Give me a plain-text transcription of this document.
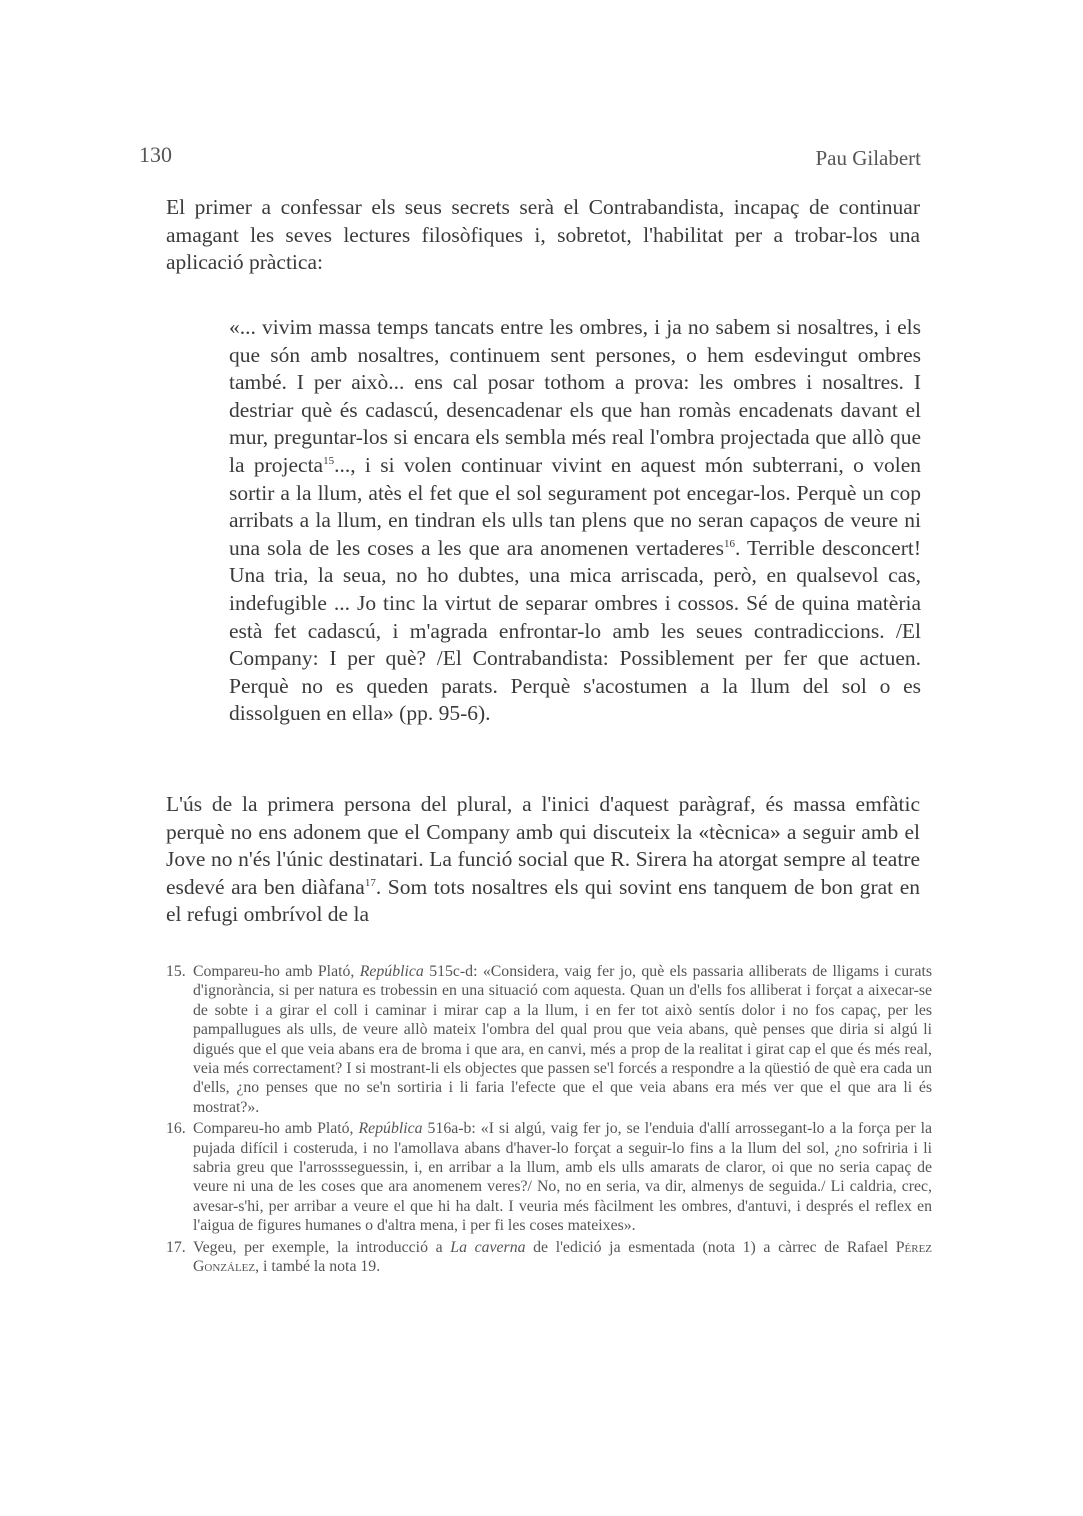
130	Pau Gilabert

El primer a confessar els seus secrets serà el Contrabandista, incapaç de continuar amagant les seves lectures filosòfiques i, sobretot, l'habilitat per a trobar-los una aplicació pràctica:

«... vivim massa temps tancats entre les ombres, i ja no sabem si nosaltres, i els que són amb nosaltres, continuem sent persones, o hem esdevingut ombres també. I per això... ens cal posar tothom a prova: les ombres i nosaltres. I destriar què és cadascú, desencadenar els que han romàs encadenats davant el mur, preguntar-los si encara els sembla més real l'ombra projectada que allò que la projecta$^{15}$..., i si volen continuar vivint en aquest món subterrani, o volen sortir a la llum, atès el fet que el sol segurament pot encegar-los. Perquè un cop arribats a la llum, en tindran els ulls tan plens que no seran capaços de veure ni una sola de les coses a les que ara anomenen vertaderes$^{16}$. Terrible desconcert! Una tria, la seua, no ho dubtes, una mica arriscada, però, en qualsevol cas, indefugible ... Jo tinc la virtut de separar ombres i cossos. Sé de quina matèria està fet cadascú, i m'agrada enfrontar-lo amb les seues contradiccions. /El Company: I per què? /El Contrabandista: Possiblement per fer que actuen. Perquè no es queden parats. Perquè s'acostumen a la llum del sol o es dissolguen en ella» (pp. 95-6).

L'ús de la primera persona del plural, a l'inici d'aquest paràgraf, és massa emfàtic perquè no ens adonem que el Company amb qui discuteix la «tècnica» a seguir amb el Jove no n'és l'únic destinatari. La funció social que R. Sirera ha atorgat sempre al teatre esdevé ara ben diàfana$^{17}$. Som tots nosaltres els qui sovint ens tanquem de bon grat en el refugi ombrívol de la

15. Compareu-ho amb Plató, República 515c-d: «Considera, vaig fer jo, què els passaria alliberats de lligams i curats d'ignorància, si per natura es trobessin en una situació com aquesta. Quan un d'ells fos alliberat i forçat a aixecar-se de sobte i a girar el coll i caminar i mirar cap a la llum, i en fer tot això sentís dolor i no fos capaç, per les pampallugues als ulls, de veure allò mateix l'ombra del qual prou que veia abans, què penses que diria si algú li digués que el que veia abans era de broma i que ara, en canvi, més a prop de la realitat i girat cap el que és més real, veia més correctament? I si mostrant-li els objectes que passen se'l forcés a respondre a la qüestió de què era cada un d'ells, ¿no penses que no se'n sortiria i li faria l'efecte que el que veia abans era més ver que el que ara li és mostrat?».

16. Compareu-ho amb Plató, República 516a-b: «I si algú, vaig fer jo, se l'enduia d'allí arrossegant-lo a la força per la pujada difícil i costeruda, i no l'amollava abans d'haver-lo forçat a seguir-lo fins a la llum del sol, ¿no sofriria i li sabria greu que l'arrossseguessin, i, en arribar a la llum, amb els ulls amarats de claror, oi que no seria capaç de veure ni una de les coses que ara anomenem veres?/ No, no en seria, va dir, almenys de seguida./ Li caldria, crec, avesar-s'hi, per arribar a veure el que hi ha dalt. I veuria més fàcilment les ombres, d'antuvi, i després el reflex en l'aigua de figures humanes o d'altra mena, i per fi les coses mateixes».

17. Vegeu, per exemple, la introducció a La caverna de l'edició ja esmentada (nota 1) a càrrec de Rafael Pérez González, i també la nota 19.
